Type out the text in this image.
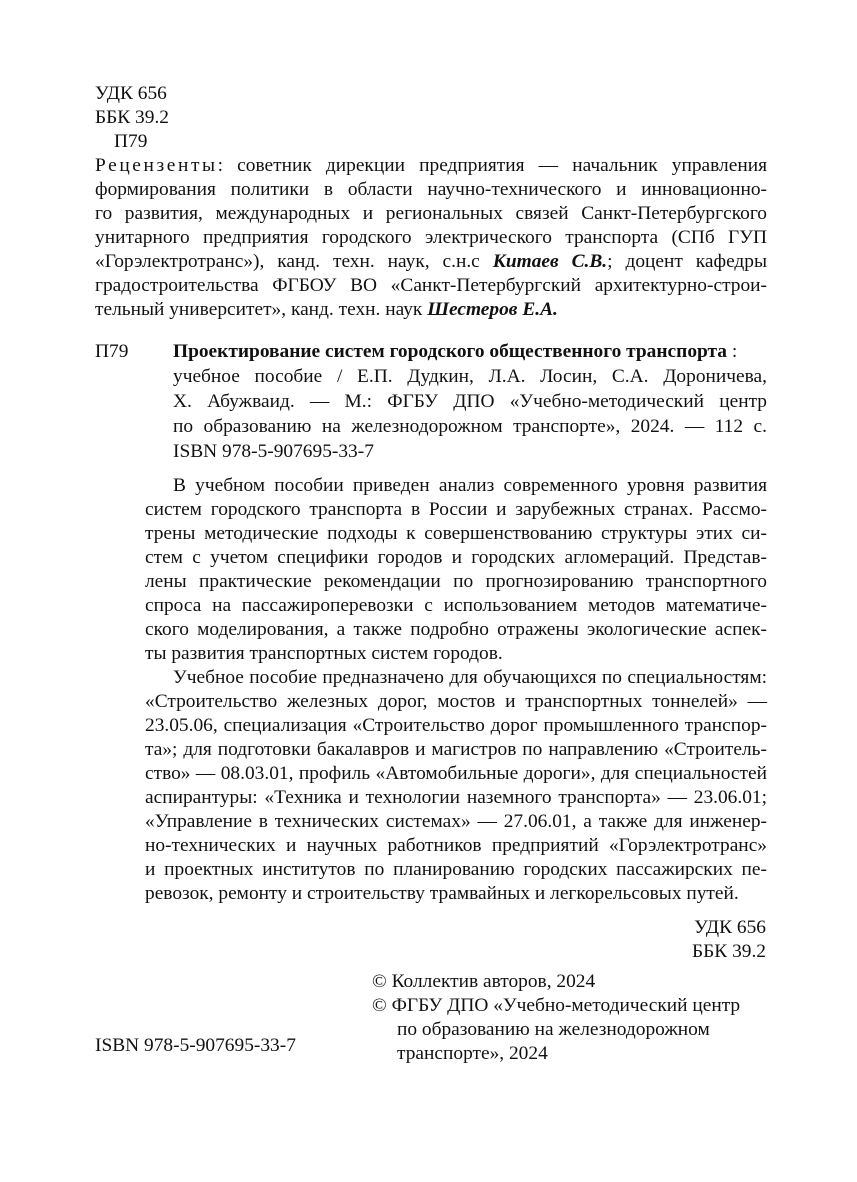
УДК 656
ББК 39.2
П79
Рецензенты: советник дирекции предприятия — начальник управления
формирования политики в области научно-технического и инновационно-
го развития, международных и региональных связей Санкт-Петербургского
унитарного предприятия городского электрического транспорта (СПб ГУП
«Горэлектротранс»), канд. техн. наук, с.н.с Китаев С.В.; доцент кафедры
градостроительства ФГБОУ ВО «Санкт-Петербургский архитектурно-строи-
тельный университет», канд. техн. наук Шестеров Е.А.
П79 Проектирование систем городского общественного транспорта :
учебное пособие / Е.П. Дудкин, Л.А. Лосин, С.А. Дороничева,
Х. Абужваид. — М.: ФГБУ ДПО «Учебно-методический центр
по образованию на железнодорожном транспорте», 2024. — 112 с.
ISBN 978-5-907695-33-7
В учебном пособии приведен анализ современного уровня развития
систем городского транспорта в России и зарубежных странах. Рассмо-
трены методические подходы к совершенствованию структуры этих си-
стем с учетом специфики городов и городских агломераций. Представ-
лены практические рекомендации по прогнозированию транспортного
спроса на пассажироперевозки с использованием методов математиче-
ского моделирования, а также подробно отражены экологические аспек-
ты развития транспортных систем городов.
Учебное пособие предназначено для обучающихся по специальностям:
«Строительство железных дорог, мостов и транспортных тоннелей» —
23.05.06, специализация «Строительство дорог промышленного транспор-
та»; для подготовки бакалавров и магистров по направлению «Строитель-
ство» — 08.03.01, профиль «Автомобильные дороги», для специальностей
аспирантуры: «Техника и технологии наземного транспорта» — 23.06.01;
«Управление в технических системах» — 27.06.01, а также для инженер-
но-технических и научных работников предприятий «Горэлектротранс»
и проектных институтов по планированию городских пассажирских пе-
ревозок, ремонту и строительству трамвайных и легкорельсовых путей.
УДК 656
ББК 39.2
© Коллектив авторов, 2024
© ФГБУ ДПО «Учебно-методический центр
по образованию на железнодорожном
транспорте», 2024
ISBN 978-5-907695-33-7
